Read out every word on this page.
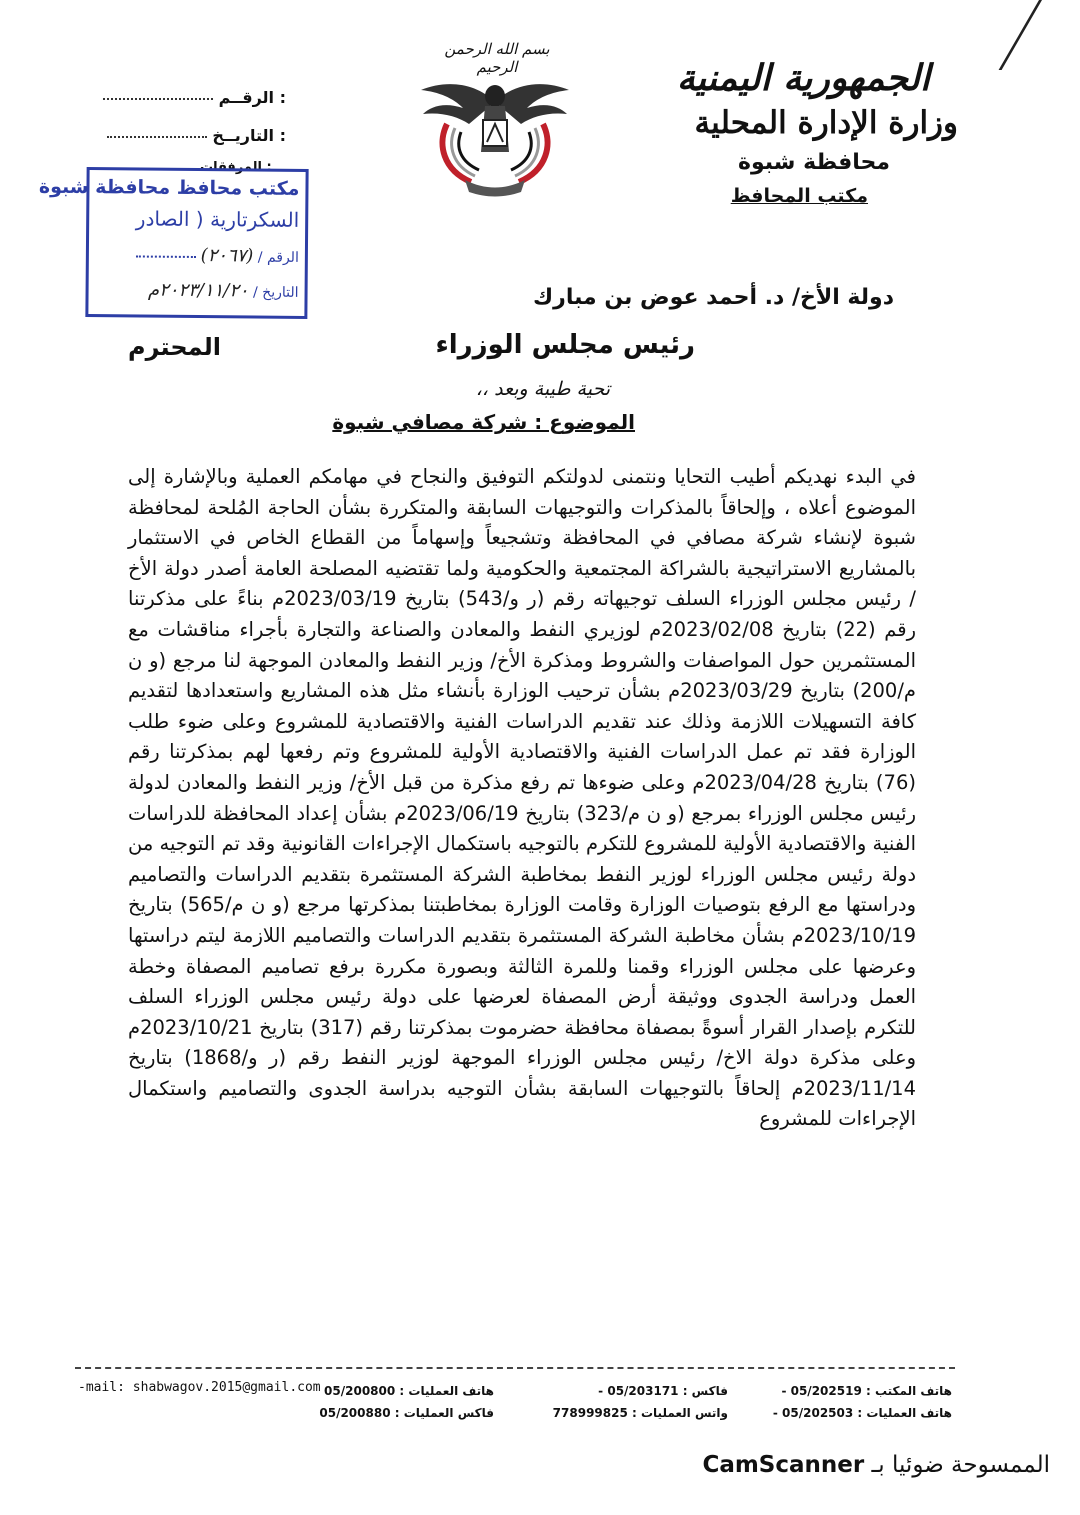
الجمهورية اليمنية
وزارة الإدارة المحلية
محافظة شبوة
مكتب المحافظ
بسم الله الرحمن الرحيم
: الرقــم
: التاريــخ
: المرفقات
مكتب محافظ محافظة شبوة
السكرتارية ( الصادر
الرقم / (٢٠٦٧)
التاريخ / ٢٠٢٣/١١/٢٠م	دولة الأخ/ د. أحمد عوض بن مبارك
رئيس مجلس الوزراء
المحترم
تحية طيبة وبعد ،،
الموضوع : شركة مصافي شبوة
في البدء نهديكم أطيب التحايا ونتمنى لدولتكم التوفيق والنجاح في مهامكم العملية وبالإشارة إلى الموضوع أعلاه ، وإلحاقاً بالمذكرات والتوجيهات السابقة والمتكررة بشأن الحاجة المُلحة لمحافظة شبوة لإنشاء شركة مصافي في المحافظة وتشجيعاً وإسهاماً من القطاع الخاص في الاستثمار بالمشاريع الاستراتيجية بالشراكة المجتمعية والحكومية ولما تقتضيه المصلحة العامة أصدر دولة الأخ / رئيس مجلس الوزراء السلف توجيهاته رقم (ر و/543) بتاريخ 2023/03/19م بناءً على مذكرتنا رقم (22) بتاريخ 2023/02/08م لوزيري النفط والمعادن والصناعة والتجارة بأجراء مناقشات مع المستثمرين حول المواصفات والشروط ومذكرة الأخ/ وزير النفط والمعادن الموجهة لنا مرجع (و ن م/200) بتاريخ 2023/03/29م بشأن ترحيب الوزارة بأنشاء مثل هذه المشاريع واستعدادها لتقديم كافة التسهيلات اللازمة وذلك عند تقديم الدراسات الفنية والاقتصادية للمشروع وعلى ضوء طلب الوزارة فقد تم عمل الدراسات الفنية والاقتصادية الأولية للمشروع وتم رفعها لهم بمذكرتنا رقم (76) بتاريخ 2023/04/28م وعلى ضوءها تم رفع مذكرة من قبل الأخ/ وزير النفط والمعادن لدولة رئيس مجلس الوزراء بمرجع (و ن م/323) بتاريخ 2023/06/19م بشأن إعداد المحافظة للدراسات الفنية والاقتصادية الأولية للمشروع للتكرم بالتوجيه باستكمال الإجراءات القانونية وقد تم التوجيه من دولة رئيس مجلس الوزراء لوزير النفط بمخاطبة الشركة المستثمرة بتقديم الدراسات والتصاميم ودراستها مع الرفع بتوصيات الوزارة وقامت الوزارة بمخاطبتنا بمذكرتها مرجع (و ن م/565) بتاريخ 2023/10/19م بشأن مخاطبة الشركة المستثمرة بتقديم الدراسات والتصاميم اللازمة ليتم دراستها وعرضها على مجلس الوزراء وقمنا وللمرة الثالثة وبصورة مكررة برفع تصاميم المصفاة وخطة العمل ودراسة الجدوى ووثيقة أرض المصفاة لعرضها على دولة رئيس مجلس الوزراء السلف للتكرم بإصدار القرار أسوةً بمصفاة محافظة حضرموت بمذكرتنا رقم (317) بتاريخ 2023/10/21م وعلى مذكرة دولة الاخ/ رئيس مجلس الوزراء الموجهة لوزير النفط رقم (ر و/1868) بتاريخ 2023/11/14م إلحاقاً بالتوجيهات السابقة بشأن التوجيه بدراسة الجدوى والتصاميم واستكمال الإجراءات للمشروع
-mail: shabwagov.2015@gmail.com	هاتف المكتب : 05/202519 -
هاتف العمليات : 05/202503 -
فاكس : 05/203171 -
واتس العمليات : 778999825
هاتف العمليات : 05/200800
فاكس العمليات : 05/200880
الممسوحة ضوئيا بـ CamScanner
